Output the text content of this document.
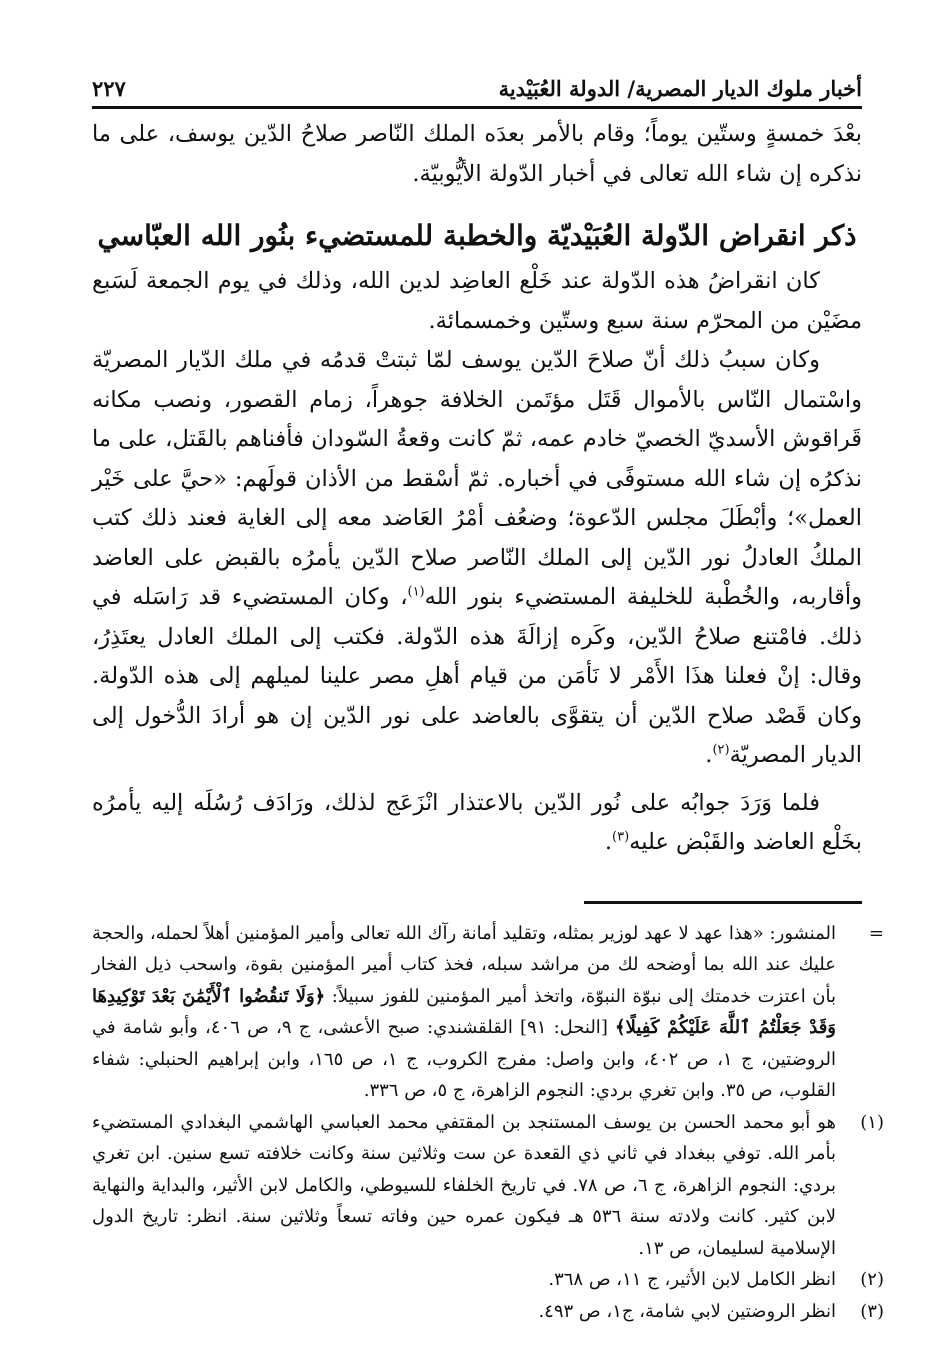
أخبار ملوك الديار المصرية/ الدولة العُبَيْدية
٢٢٧

بعْدَ خمسةٍ وستّين يوماً؛ وقام بالأمر بعدَه الملك النّاصر صلاحُ الدّين يوسف، على ما نذكره إن شاء الله تعالى في أخبار الدّولة الأيُّوبيّة.

ذكر انقراض الدّولة العُبَيْديّة والخطبة للمستضيء بنُور الله العبّاسي

كان انقراضُ هذه الدّولة عند خَلْع العاضِد لدين الله، وذلك في يوم الجمعة لَسَبع مضَيْن من المحرّم سنة سبع وستّين وخمسمائة.

وكان سببُ ذلك أنّ صلاحَ الدّين يوسف لمّا ثبتتْ قدمُه في ملك الدّيار المصريّة واسْتمال النّاس بالأموال قَتَل مؤتَمن الخلافة جوهراً، زمام القصور، ونصب مكانه قَراقوش الأسديّ الخصيّ خادم عمه، ثمّ كانت وقعةُ السّودان فأفناهم بالقَتل، على ما نذكرُه إن شاء الله مستوفًى في أخباره. ثمّ أسْقط من الأذان قولَهم: «حيَّ على خَيْر العمل»؛ وأبْطَلَ مجلس الدّعوة؛ وضعُف أمْرُ العَاضد معه إلى الغاية فعند ذلك كتب الملكُ العادلُ نور الدّين إلى الملك النّاصر صلاح الدّين يأمرُه بالقبض على العاضد وأقاربه، والخُطْبة للخليفة المستضيء بنور الله$^{(١)}$، وكان المستضيء قد رَاسَله في ذلك. فامْتنع صلاحُ الدّين، وكَره إزالَةَ هذه الدّولة. فكتب إلى الملك العادل يعتَذِرُ، وقال: إنْ فعلنا هذَا الأَمْر لا نَأمَن من قيام أهلِ مصر علينا لميلهم إلى هذه الدّولة. وكان قَصْد صلاح الدّين أن يتقوَّى بالعاضد على نور الدّين إن هو أرادَ الدُّخول إلى الديار المصريّة$^{(٢)}$.

فلما وَرَدَ جوابُه على نُور الدّين بالاعتذار انْزَعَج لذلك، ورَادَف رُسُلَه إليه يأمرُه بخَلْع العاضد والقَبْض عليه$^{(٣)}$.

=
المنشور: «هذا عهد لا عهد لوزير بمثله، وتقليد أمانة رآك الله تعالى وأمير المؤمنين أهلاً لحمله، والحجة عليك عند الله بما أوضحه لك من مراشد سبله، فخذ كتاب أمير المؤمنين بقوة، واسحب ذيل الفخار بأن اعتزت خدمتك إلى نبوّة النبوّة، واتخذ أمير المؤمنين للفوز سبيلاً: ﴿وَلَا تَنقُضُوا ٱلْأَيْمَٰنَ بَعْدَ تَوْكِيدِهَا وَقَدْ جَعَلْتُمُ ٱللَّهَ عَلَيْكُمْ كَفِيلًا﴾ [النحل: ٩١] القلقشندي: صبح الأعشى، ج ٩، ص ٤٠٦، وأبو شامة في الروضتين، ج ١، ص ٤٠٢، وابن واصل: مفرج الكروب، ج ١، ص ١٦٥، وابن إبراهيم الحنبلي: شفاء القلوب، ص ٣٥. وابن تغري بردي: النجوم الزاهرة، ج ٥، ص ٣٣٦.
(١)
هو أبو محمد الحسن بن يوسف المستنجد بن المقتفي محمد العباسي الهاشمي البغدادي المستضيء بأمر الله. توفي ببغداد في ثاني ذي القعدة عن ست وثلاثين سنة وكانت خلافته تسع سنين. ابن تغري بردي: النجوم الزاهرة، ج ٦، ص ٧٨. في تاريخ الخلفاء للسيوطي، والكامل لابن الأثير، والبداية والنهاية لابن كثير. كانت ولادته سنة ٥٣٦ هـ فيكون عمره حين وفاته تسعاً وثلاثين سنة. انظر: تاريخ الدول الإسلامية لسليمان، ص ١٣.
(٢)
انظر الكامل لابن الأثير، ج ١١، ص ٣٦٨.
(٣)
انظر الروضتين لابي شامة، ج١، ص ٤٩٣.
